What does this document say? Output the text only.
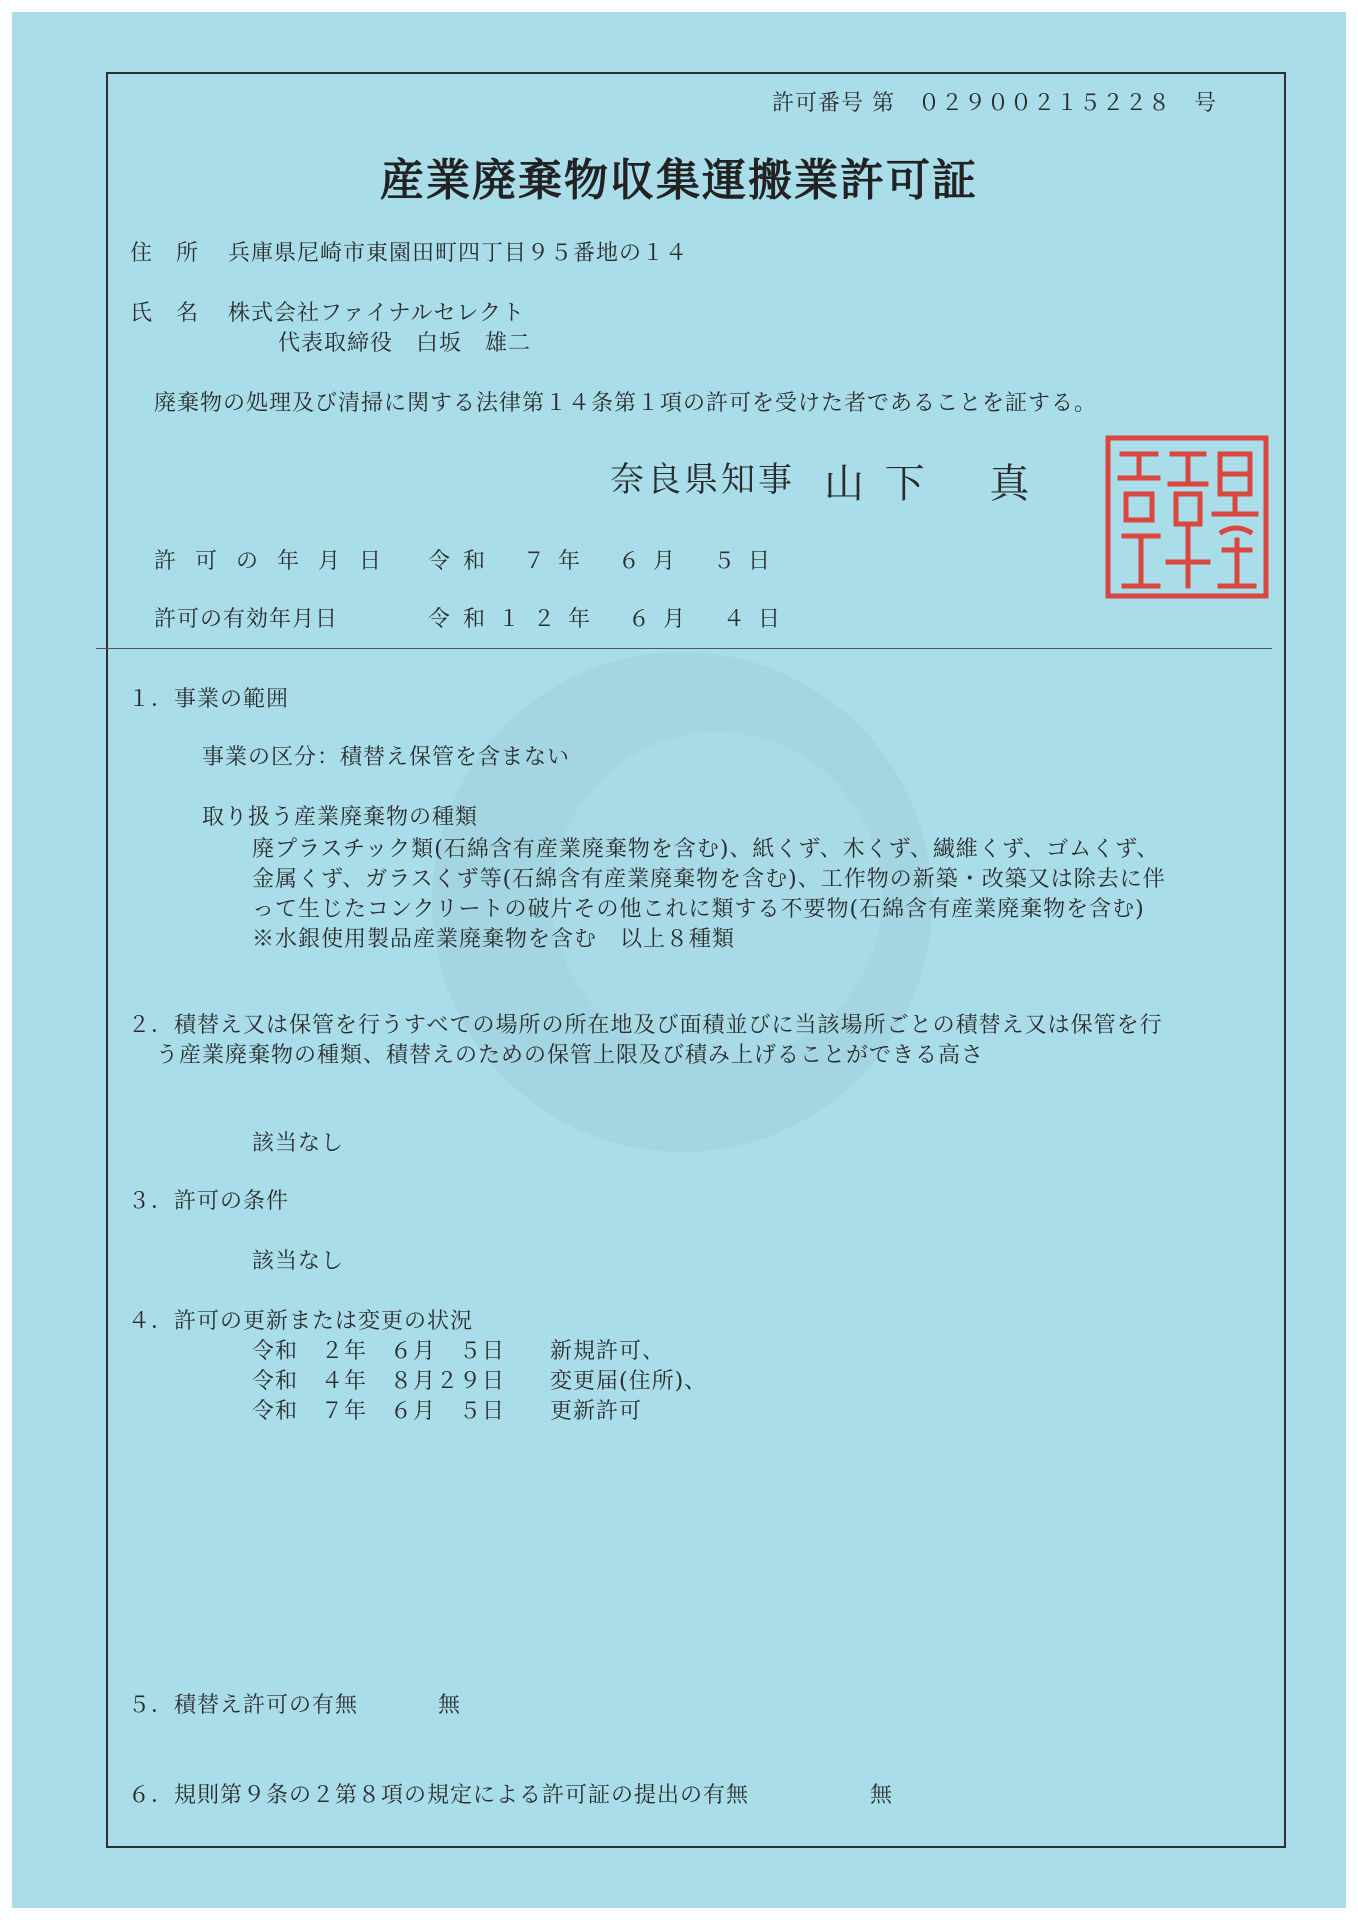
許可番号 第　０２９００２１５２２８　号
産業廃棄物収集運搬業許可証
住　所 兵庫県尼崎市東園田町四丁目９５番地の１４
氏　名 株式会社ファイナルセレクト
代表取締役　白坂　雄二
廃棄物の処理及び清掃に関する法律第１４条第１項の許可を受けた者であることを証する。
奈良県知事 山 下　 真
奈良県知事之印
許 可 の 年 月 日 令 和　 ７ 年　 ６ 月　 ５ 日
許可の有効年月日	令 和 １ ２ 年　 ６ 月　 ４ 日
１．事業の範囲
事業の区分：積替え保管を含まない
取り扱う産業廃棄物の種類
廃プラスチック類(石綿含有産業廃棄物を含む)、紙くず、木くず、繊維くず、ゴムくず、
金属くず、ガラスくず等(石綿含有産業廃棄物を含む)、工作物の新築・改築又は除去に伴
って生じたコンクリートの破片その他これに類する不要物(石綿含有産業廃棄物を含む)
※水銀使用製品産業廃棄物を含む　以上８種類
２．積替え又は保管を行うすべての場所の所在地及び面積並びに当該場所ごとの積替え又は保管を行
う産業廃棄物の種類、積替えのための保管上限及び積み上げることができる高さ
該当なし
３．許可の条件
該当なし
４．許可の更新または変更の状況
令和　２年　６月　５日 新規許可、
令和　４年　８月２９日 変更届(住所)、
令和　７年　６月　５日 更新許可
５．積替え許可の有無	無
６．規則第９条の２第８項の規定による許可証の提出の有無	無
